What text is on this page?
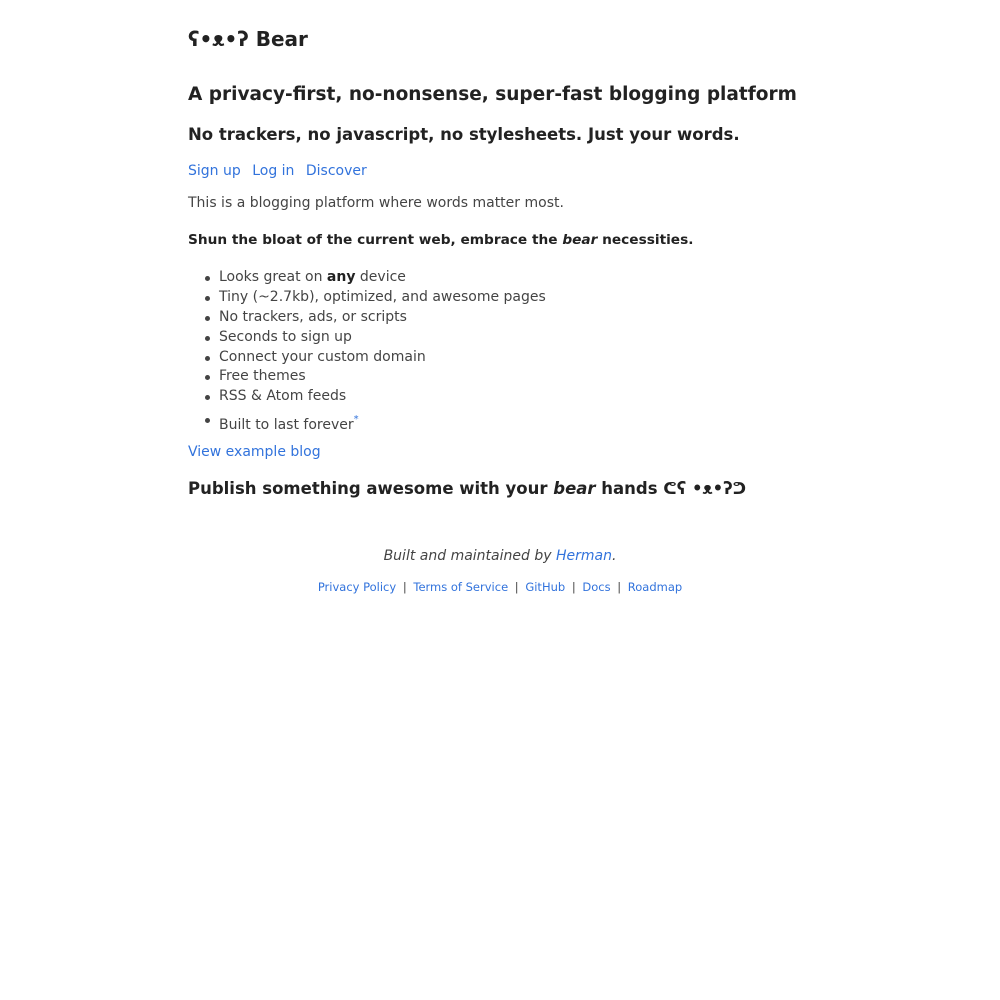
ʕ•ᴥ•ʔ Bear
A privacy-first, no-nonsense, super-fast blogging platform
No trackers, no javascript, no stylesheets. Just your words.
Sign up Log in Discover

This is a blogging platform where words matter most.

Shun the bloat of the current web, embrace the bear necessities.

Looks great on any device
Tiny (~2.7kb), optimized, and awesome pages
No trackers, ads, or scripts
Seconds to sign up
Connect your custom domain
Free themes
RSS & Atom feeds
Built to last forever*
View example blog
Publish something awesome with your bear hands ᕦʕ •ᴥ•ʔᕤ

Built and maintained by Herman.

Privacy Policy | Terms of Service | GitHub | Docs | Roadmap
